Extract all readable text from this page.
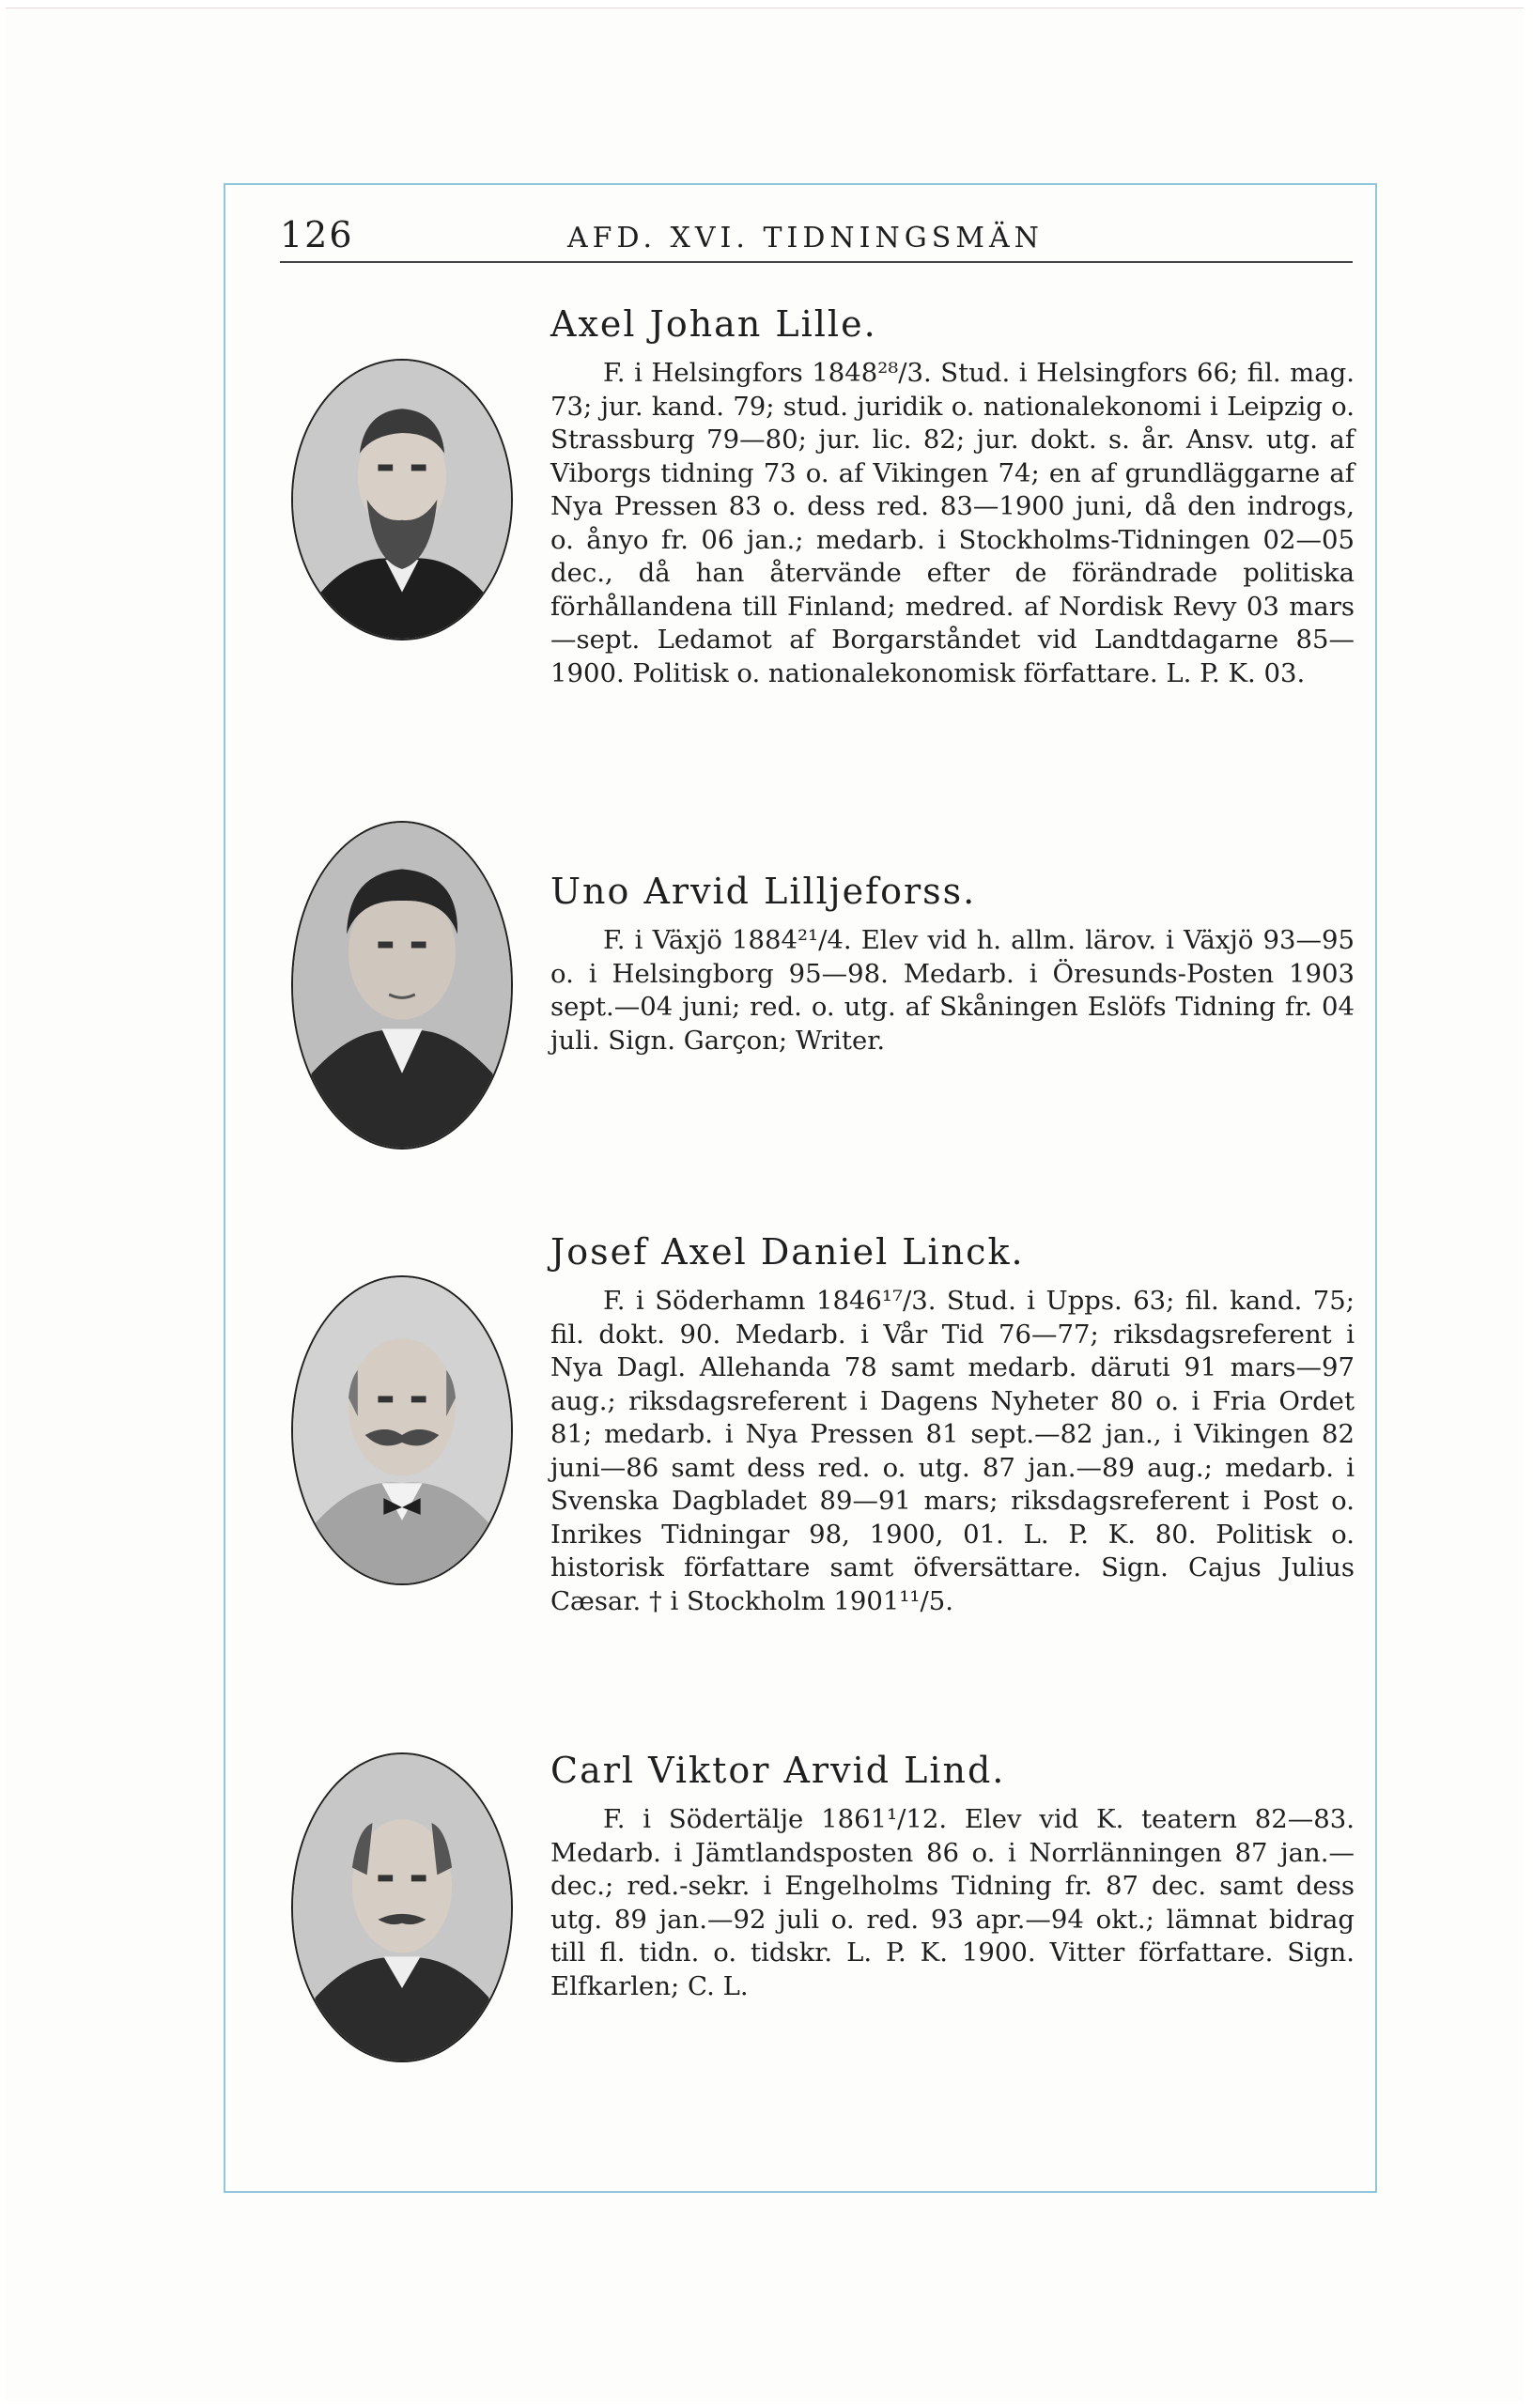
126	AFD. XVI. TIDNINGSMÄN
Axel Johan Lille.

F. i Helsingfors 1848²⁸/3. Stud. i Helsingfors 66; fil. mag. 73; jur. kand. 79; stud. juridik o. nationalekonomi i Leipzig o. Strassburg 79—80; jur. lic. 82; jur. dokt. s. år. Ansv. utg. af Viborgs tidning 73 o. af Vikingen 74; en af grundläggarne af Nya Pressen 83 o. dess red. 83—1900 juni, då den indrogs, o. ånyo fr. 06 jan.; medarb. i Stockholms-Tidningen 02—05 dec., då han återvände efter de förändrade politiska förhållandena till Finland; medred. af Nordisk Revy 03 mars—sept. Ledamot af Borgarståndet vid Landtdagarne 85—1900. Politisk o. nationalekonomisk författare. L. P. K. 03.

Uno Arvid Lilljeforss.

F. i Växjö 1884²¹/4. Elev vid h. allm. lärov. i Växjö 93—95 o. i Helsingborg 95—98. Medarb. i Öresunds-Posten 1903 sept.—04 juni; red. o. utg. af Skåningen Eslöfs Tidning fr. 04 juli. Sign. Garçon; Writer.

Josef Axel Daniel Linck.

F. i Söderhamn 1846¹⁷/3. Stud. i Upps. 63; fil. kand. 75; fil. dokt. 90. Medarb. i Vår Tid 76—77; riksdagsreferent i Nya Dagl. Allehanda 78 samt medarb. däruti 91 mars—97 aug.; riksdagsreferent i Dagens Nyheter 80 o. i Fria Ordet 81; medarb. i Nya Pressen 81 sept.—82 jan., i Vikingen 82 juni—86 samt dess red. o. utg. 87 jan.—89 aug.; medarb. i Svenska Dagbladet 89—91 mars; riksdagsreferent i Post o. Inrikes Tidningar 98, 1900, 01. L. P. K. 80. Politisk o. historisk författare samt öfversättare. Sign. Cajus Julius Cæsar. † i Stockholm 1901¹¹/5.

Carl Viktor Arvid Lind.

F. i Södertälje 1861¹/12. Elev vid K. teatern 82—83. Medarb. i Jämtlandsposten 86 o. i Norrlänningen 87 jan.—dec.; red.-sekr. i Engelholms Tidning fr. 87 dec. samt dess utg. 89 jan.—92 juli o. red. 93 apr.—94 okt.; lämnat bidrag till fl. tidn. o. tidskr. L. P. K. 1900. Vitter författare. Sign. Elfkarlen; C. L.
